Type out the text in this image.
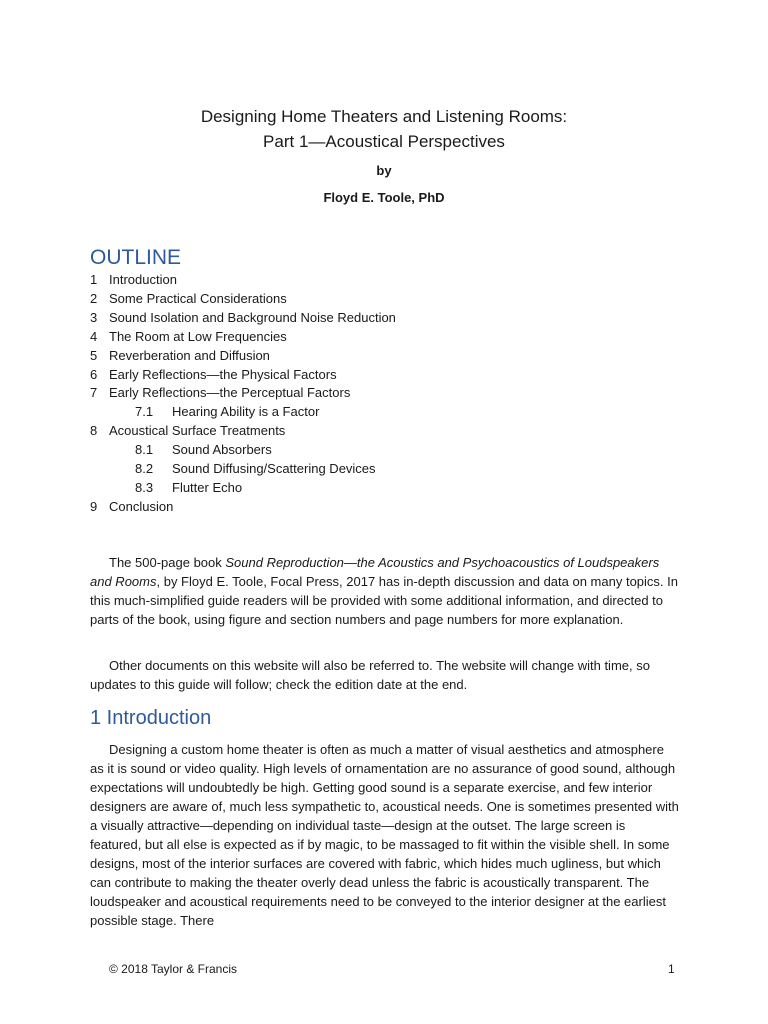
Designing Home Theaters and Listening Rooms:
Part 1—Acoustical Perspectives

by

Floyd E. Toole, PhD

OUTLINE
1 Introduction
2 Some Practical Considerations
3 Sound Isolation and Background Noise Reduction
4 The Room at Low Frequencies
5 Reverberation and Diffusion
6 Early Reflections—the Physical Factors
7 Early Reflections—the Perceptual Factors
7.1	Hearing Ability is a Factor
8 Acoustical Surface Treatments
8.1	Sound Absorbers
8.2	Sound Diffusing/Scattering Devices
8.3	Flutter Echo
9 Conclusion

The 500-page book Sound Reproduction—the Acoustics and Psychoacoustics of Loudspeakers and Rooms, by Floyd E. Toole, Focal Press, 2017 has in-depth discussion and data on many topics. In this much-simplified guide readers will be provided with some additional information, and directed to parts of the book, using figure and section numbers and page numbers for more explanation.

Other documents on this website will also be referred to. The website will change with time, so updates to this guide will follow; check the edition date at the end.

1 Introduction

Designing a custom home theater is often as much a matter of visual aesthetics and atmosphere as it is sound or video quality. High levels of ornamentation are no assurance of good sound, although expectations will undoubtedly be high. Getting good sound is a separate exercise, and few interior designers are aware of, much less sympathetic to, acoustical needs. One is sometimes presented with a visually attractive—depending on individual taste—design at the outset. The large screen is featured, but all else is expected as if by magic, to be massaged to fit within the visible shell. In some designs, most of the interior surfaces are covered with fabric, which hides much ugliness, but which can contribute to making the theater overly dead unless the fabric is acoustically transparent. The loudspeaker and acoustical requirements need to be conveyed to the interior designer at the earliest possible stage. There

© 2018 Taylor & Francis	1
